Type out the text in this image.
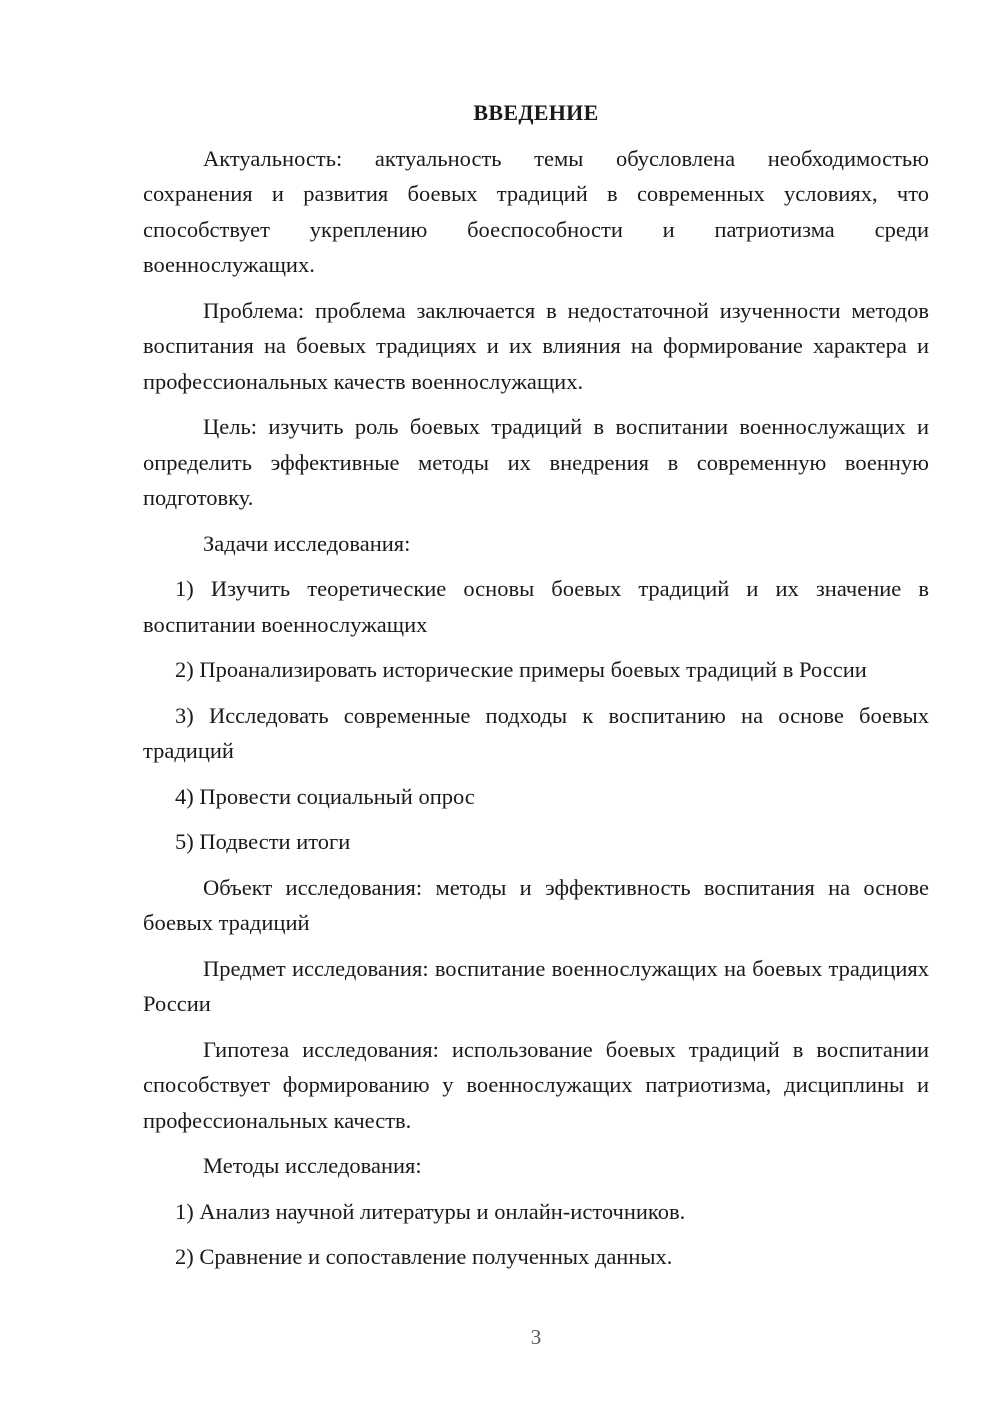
ВВЕДЕНИЕ

Актуальность: актуальность темы обусловлена необходимостью сохранения и развития боевых традиций в современных условиях, что способствует укреплению боеспособности и патриотизма среди военнослужащих.

Проблема: проблема заключается в недостаточной изученности методов воспитания на боевых традициях и их влияния на формирование характера и профессиональных качеств военнослужащих.

Цель: изучить роль боевых традиций в воспитании военнослужащих и определить эффективные методы их внедрения в современную военную подготовку.

Задачи исследования:

1) Изучить теоретические основы боевых традиций и их значение в воспитании военнослужащих

2) Проанализировать исторические примеры боевых традиций в России

3) Исследовать современные подходы к воспитанию на основе боевых традиций

4) Провести социальный опрос

5) Подвести итоги

Объект исследования: методы и эффективность воспитания на основе боевых традиций

Предмет исследования: воспитание военнослужащих на боевых традициях России

Гипотеза исследования: использование боевых традиций в воспитании способствует формированию у военнослужащих патриотизма, дисциплины и профессиональных качеств.

Методы исследования:

1) Анализ научной литературы и онлайн-источников.

2) Сравнение и сопоставление полученных данных.

3
